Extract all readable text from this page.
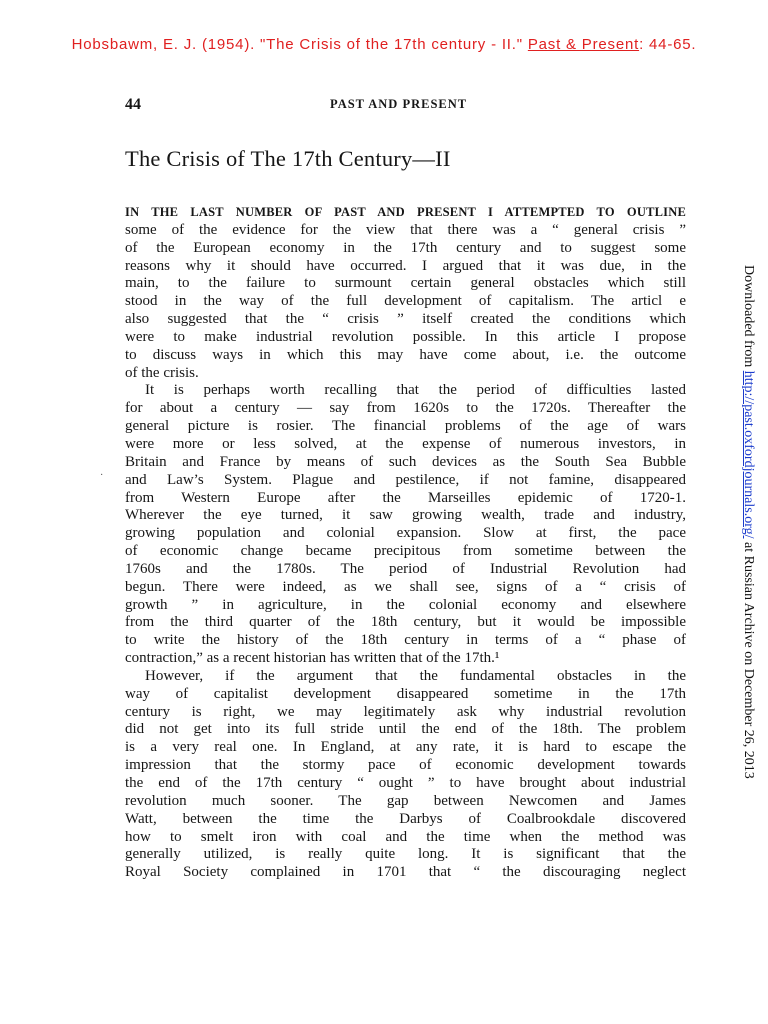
Hobsbawm, E. J. (1954). "The Crisis of the 17th century - II." Past & Present: 44-65.
44	PAST AND PRESENT
The Crisis of The 17th Century—II
IN THE LAST NUMBER OF PAST AND PRESENT I ATTEMPTED TO OUTLINE
some of the evidence for the view that there was a “ general crisis ”
of the European economy in the 17th century and to suggest some
reasons why it should have occurred. I argued that it was due, in the
main, to the failure to surmount certain general obstacles which still
stood in the way of the full development of capitalism. The articl e
also suggested that the “ crisis ” itself created the conditions which
were to make industrial revolution possible. In this article I propose
to discuss ways in which this may have come about, i.e. the outcome
of the crisis.
It is perhaps worth recalling that the period of difficulties lasted
for about a century — say from 1620s to the 1720s. Thereafter the
general picture is rosier. The financial problems of the age of wars
were more or less solved, at the expense of numerous investors, in
Britain and France by means of such devices as the South Sea Bubble
and Law’s System. Plague and pestilence, if not famine, disappeared
from Western Europe after the Marseilles epidemic of 1720-1.
Wherever the eye turned, it saw growing wealth, trade and industry,
growing population and colonial expansion. Slow at first, the pace
of economic change became precipitous from sometime between the
1760s and the 1780s. The period of Industrial Revolution had
begun. There were indeed, as we shall see, signs of a “ crisis of
growth ” in agriculture, in the colonial economy and elsewhere
from the third quarter of the 18th century, but it would be impossible
to write the history of the 18th century in terms of a “ phase of
contraction,” as a recent historian has written that of the 17th.¹
However, if the argument that the fundamental obstacles in the
way of capitalist development disappeared sometime in the 17th
century is right, we may legitimately ask why industrial revolution
did not get into its full stride until the end of the 18th. The problem
is a very real one. In England, at any rate, it is hard to escape the
impression that the stormy pace of economic development towards
the end of the 17th century “ ought ” to have brought about industrial
revolution much sooner. The gap between Newcomen and James
Watt, between the time the Darbys of Coalbrookdale discovered
how to smelt iron with coal and the time when the method was
generally utilized, is really quite long. It is significant that the
Royal Society complained in 1701 that “ the discouraging neglect
·
Downloaded from http://past.oxfordjournals.org/ at Russian Archive on December 26, 2013
